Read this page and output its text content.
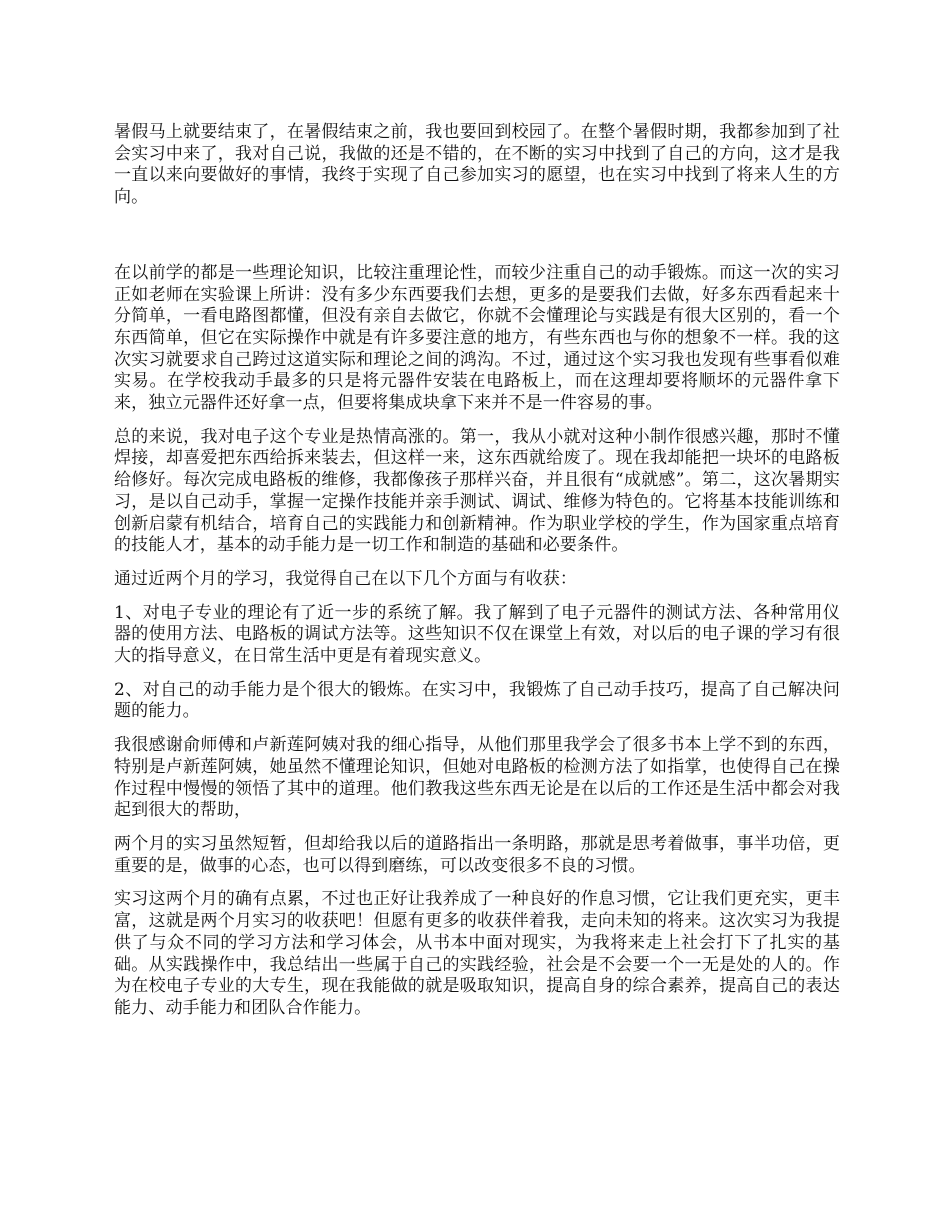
暑假马上就要结束了，在暑假结束之前，我也要回到校园了。在整个暑假时期，我都参加到了社会实习中来了，我对自己说，我做的还是不错的，在不断的实习中找到了自己的方向，这才是我一直以来向要做好的事情，我终于实现了自己参加实习的愿望，也在实习中找到了将来人生的方向。

在以前学的都是一些理论知识，比较注重理论性，而较少注重自己的动手锻炼。而这一次的实习正如老师在实验课上所讲：没有多少东西要我们去想，更多的是要我们去做，好多东西看起来十分简单，一看电路图都懂，但没有亲自去做它，你就不会懂理论与实践是有很大区别的，看一个东西简单，但它在实际操作中就是有许多要注意的地方，有些东西也与你的想象不一样。我的这次实习就要求自己跨过这道实际和理论之间的鸿沟。不过，通过这个实习我也发现有些事看似难实易。在学校我动手最多的只是将元器件安装在电路板上，而在这理却要将顺坏的元器件拿下来，独立元器件还好拿一点，但要将集成块拿下来并不是一件容易的事。

总的来说，我对电子这个专业是热情高涨的。第一，我从小就对这种小制作很感兴趣，那时不懂焊接，却喜爱把东西给拆来装去，但这样一来，这东西就给废了。现在我却能把一块坏的电路板给修好。每次完成电路板的维修，我都像孩子那样兴奋，并且很有“成就感”。第二，这次暑期实习，是以自己动手，掌握一定操作技能并亲手测试、调试、维修为特色的。它将基本技能训练和创新启蒙有机结合，培育自己的实践能力和创新精神。作为职业学校的学生，作为国家重点培育的技能人才，基本的动手能力是一切工作和制造的基础和必要条件。

通过近两个月的学习，我觉得自己在以下几个方面与有收获：

1、对电子专业的理论有了近一步的系统了解。我了解到了电子元器件的测试方法、各种常用仪器的使用方法、电路板的调试方法等。这些知识不仅在课堂上有效，对以后的电子课的学习有很大的指导意义，在日常生活中更是有着现实意义。

2、对自己的动手能力是个很大的锻炼。在实习中，我锻炼了自己动手技巧，提高了自己解决问题的能力。

我很感谢俞师傅和卢新莲阿姨对我的细心指导，从他们那里我学会了很多书本上学不到的东西，特别是卢新莲阿姨，她虽然不懂理论知识，但她对电路板的检测方法了如指掌，也使得自己在操作过程中慢慢的领悟了其中的道理。他们教我这些东西无论是在以后的工作还是生活中都会对我起到很大的帮助，

两个月的实习虽然短暂，但却给我以后的道路指出一条明路，那就是思考着做事，事半功倍，更重要的是，做事的心态，也可以得到磨练，可以改变很多不良的习惯。

实习这两个月的确有点累，不过也正好让我养成了一种良好的作息习惯，它让我们更充实，更丰富，这就是两个月实习的收获吧！但愿有更多的收获伴着我，走向未知的将来。这次实习为我提供了与众不同的学习方法和学习体会，从书本中面对现实，为我将来走上社会打下了扎实的基础。从实践操作中，我总结出一些属于自己的实践经验，社会是不会要一个一无是处的人的。作为在校电子专业的大专生，现在我能做的就是吸取知识，提高自身的综合素养，提高自己的表达能力、动手能力和团队合作能力。
